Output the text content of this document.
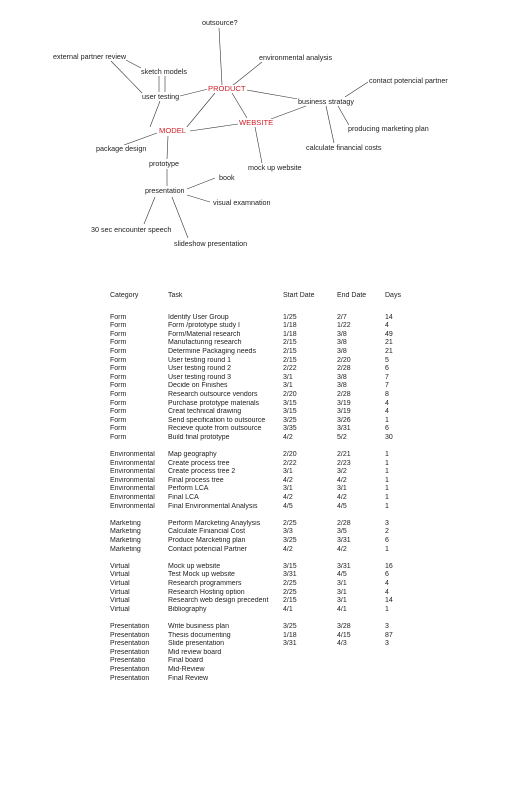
outsource?
environmental analysis
external partner review
sketch models
PRODUCT
user testing
contact potencial partner
business stratagy
WEBSITE
MODEL	producing marketing plan
package design	calculate financial costs
prototype	mock up website
book
presentation
visual examnation
30 sec encounter speech
slideshow presentation
Category	Task	Start Date	End Date	Days
Form	Identify User Group	1/25	2/7	14
Form	Form /prototype study I	1/18	1/22	4
Form	Form/Material research	1/18	3/8	49
Form	Manufacturing research	2/15	3/8	21
Form	Determine Packaging needs	2/15	3/8	21
Form	User testing round 1	2/15	2/20	5
Form	User testing round 2	2/22	2/28	6
Form	User testing round 3	3/1	3/8	7
Form	Decide on Finishes	3/1	3/8	7
Form	Research outsource vendors	2/20	2/28	8
Form	Purchase prototype materials	3/15	3/19	4
Form	Creat technical drawing	3/15	3/19	4
Form	Send specification to outsource	3/25	3/26	1
Form	Recieve quote from outsource	3/35	3/31	6
Form	Build final prototype	4/2	5/2	30
Environmental	Map geography	2/20	2/21	1
Environmental	Create process tree	2/22	2/23	1
Environmental	Create process tree 2	3/1	3/2	1
Environmental	Final process tree	4/2	4/2	1
Environmental	Perform LCA	3/1	3/1	1
Environmental	Final LCA	4/2	4/2	1
Environmental	Final Environmental Analysis	4/5	4/5	1
Marketing	Perform Marcketing Anaylysis	2/25	2/28	3
Marketing	Calculate Finiancial Cost	3/3	3/5	2
Marketing	Produce Marcketing plan	3/25	3/31	6
Marketing	Contact potencial Partner	4/2	4/2	1
Virtual	Mock up website	3/15	3/31	16
Virtual	Test Mock up website	3/31	4/5	6
Virtual	Research programmers	2/25	3/1	4
Virtual	Research Hosting option	2/25	3/1	4
Virtual	Research web design precedent	2/15	3/1	14
Virtual	Bibliography	4/1	4/1	1
Presentation	Write business plan	3/25	3/28	3
Presentation	Thesis documenting	1/18	4/15	87
Presentation	Slide presentation	3/31	4/3	3
Presentation	Mid review board
Presentatio	Final board
Presentation	Mid-Review
Presentation	Final Review
